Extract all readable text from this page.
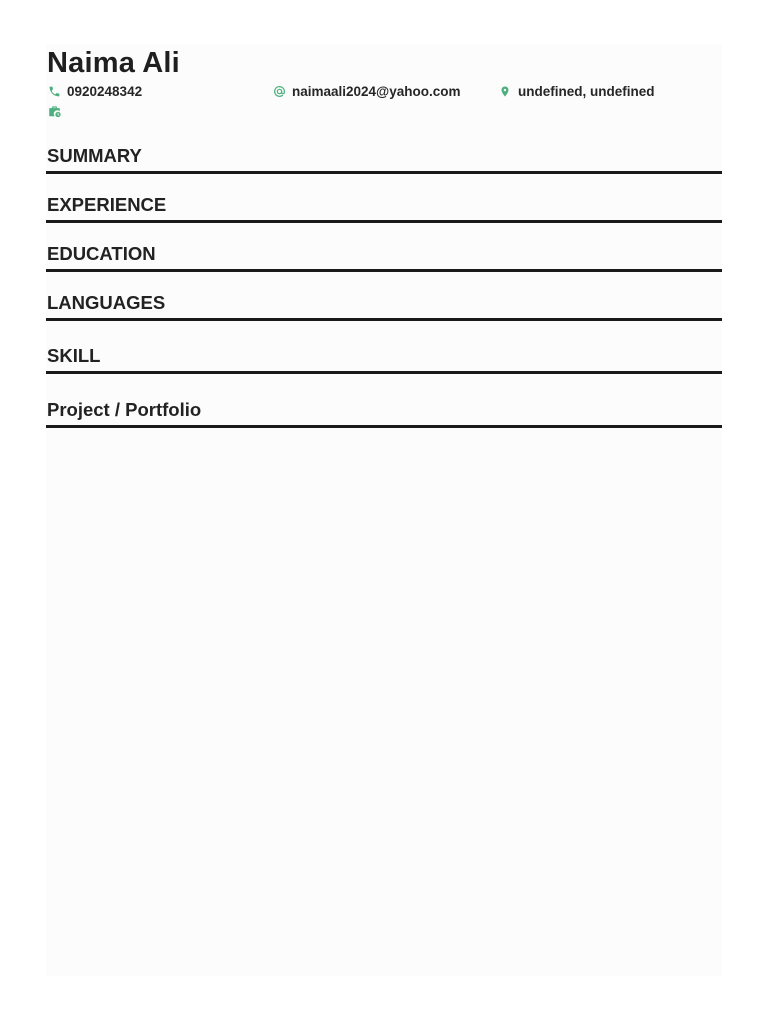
Naima Ali
0920248342	naimaali2024@yahoo.com	undefined, undefined
SUMMARY
EXPERIENCE
EDUCATION
LANGUAGES
SKILL
Project / Portfolio
